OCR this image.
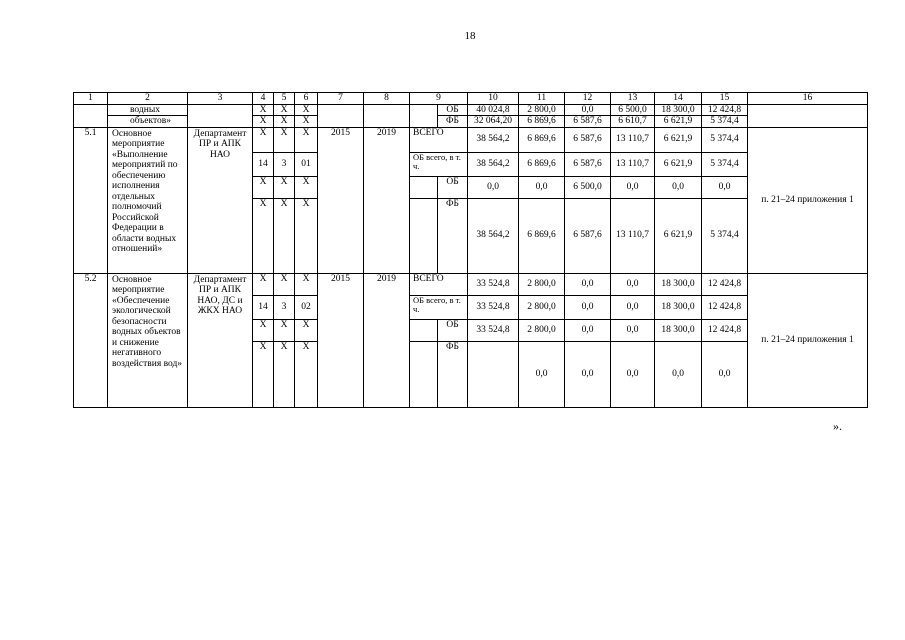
18
1	2	3	4	5	6	7	8	9		10	11	12	13	14	15	16
	водных		X	X	X				ОБ	40 024,8	2 800,0	0,0	6 500,0	18 300,0	12 424,8	
	объектов»		X	X	X				ФБ	32 064,20	6 869,6	6 587,6	6 610,7	6 621,9	5 374,4	
5.1	Основное мероприятие «Выполнение мероприятий по обеспечению исполнения отдельных полномочий Российской Федерации в области водных отношений»	Департамент ПР и АПК НАО	X	X	X	2015	2019	ВСЕГО		38 564,2	6 869,6	6 587,6	13 110,7	6 621,9	5 374,4	п. 21–24 приложения 1
			14	3	01			ОБ всего, в т. ч.		38 564,2	6 869,6	6 587,6	13 110,7	6 621,9	5 374,4	
			X	X	X				ОБ	0,0	0,0	6 500,0	0,0	0,0	0,0	
			X	X	X				ФБ	38 564,2	6 869,6	6 587,6	13 110,7	6 621,9	5 374,4	
5.2	Основное мероприятие «Обеспечение экологической безопасности водных объектов и снижение негативного воздействия вод»	Департамент ПР и АПК НАО, ДС и ЖКХ НАО	X	X	X	2015	2019	ВСЕГО		33 524,8	2 800,0	0,0	0,0	18 300,0	12 424,8	п. 21–24 приложения 1
			14	3	02			ОБ всего, в т. ч.		33 524,8	2 800,0	0,0	0,0	18 300,0	12 424,8	
			X	X	X				ОБ	33 524,8	2 800,0	0,0	0,0	18 300,0	12 424,8	
			X	X	X				ФБ		0,0	0,0	0,0	0,0	0,0	
».
